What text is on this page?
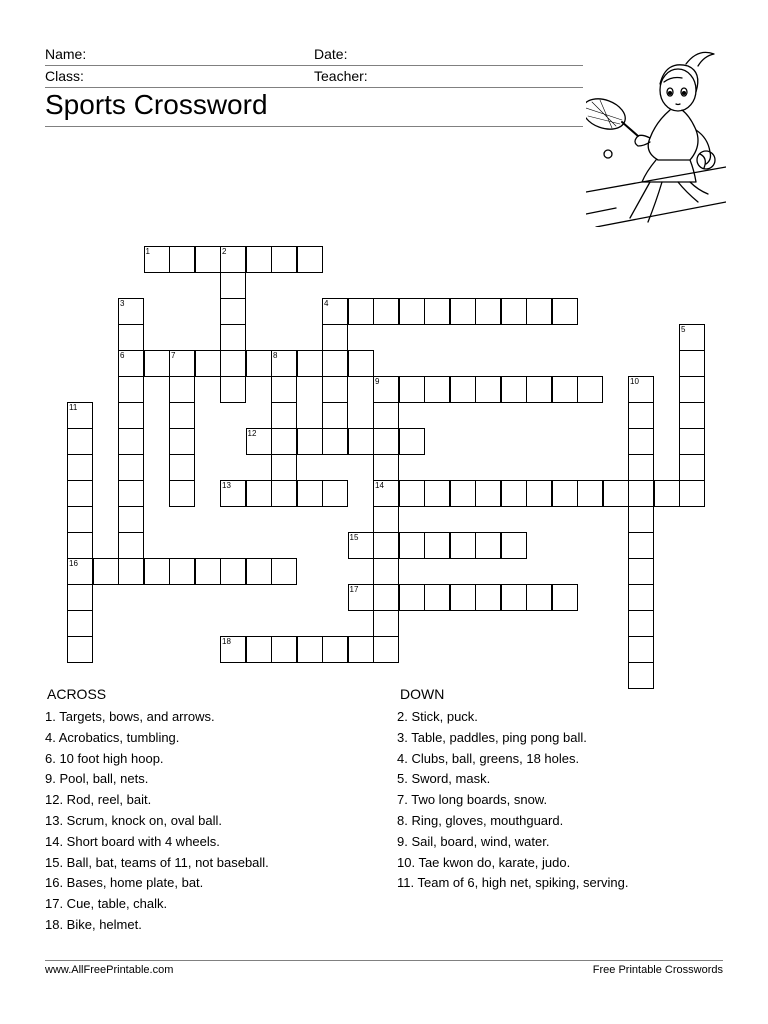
Name:	Date:
Class:	Teacher:
Sports Crossword
1	2
3
6
4
5
7	8
9
14
10
11
16
12
13
15
17
18
ACROSS
1. Targets, bows, and arrows.
4. Acrobatics, tumbling.
6. 10 foot high hoop.
9. Pool, ball, nets.
12. Rod, reel, bait.
13. Scrum, knock on, oval ball.
14. Short board with 4 wheels.
15. Ball, bat, teams of 11, not baseball.
16. Bases, home plate, bat.
17. Cue, table, chalk.
18. Bike, helmet.
DOWN
2. Stick, puck.
3. Table, paddles, ping pong ball.
4. Clubs, ball, greens, 18 holes.
5. Sword, mask.
7. Two long boards, snow.
8. Ring, gloves, mouthguard.
9. Sail, board, wind, water.
10. Tae kwon do, karate, judo.
11. Team of 6, high net, spiking, serving.
www.AllFreePrintable.com	Free Printable Crosswords
